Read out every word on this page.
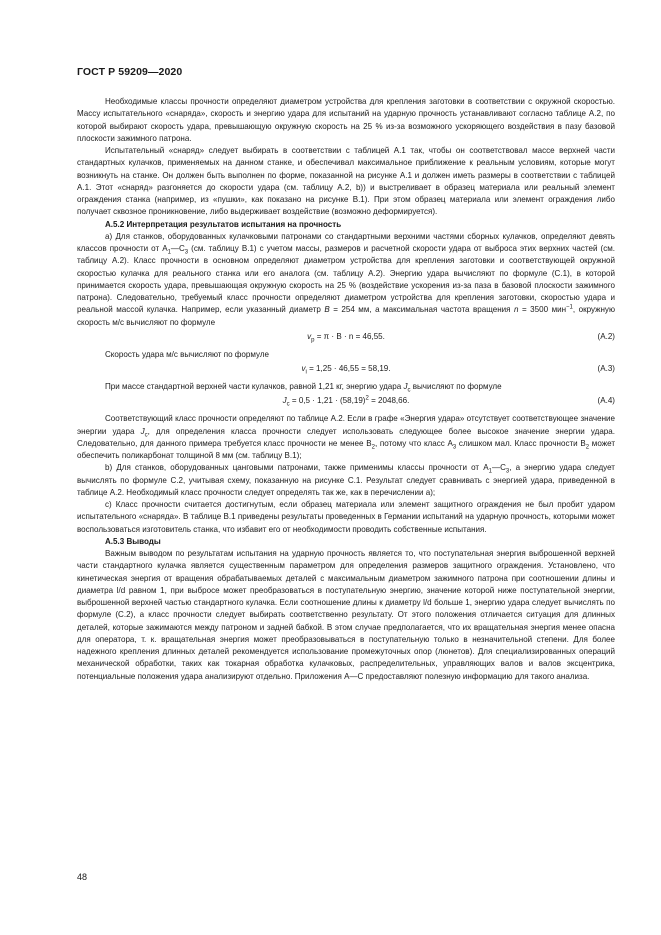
ГОСТ Р 59209—2020

Необходимые классы прочности определяют диаметром устройства для крепления заготовки в соответствии с окружной скоростью. Массу испытательного «снаряда», скорость и энергию удара для испытаний на ударную прочность устанавливают согласно таблице А.2, по которой выбирают скорость удара, превышающую окружную скорость на 25 % из-за возможного ускоряющего воздействия в пазу базовой плоскости зажимного патрона.

Испытательный «снаряд» следует выбирать в соответствии с таблицей А.1 так, чтобы он соответствовал массе верхней части стандартных кулачков, применяемых на данном станке, и обеспечивал максимальное приближение к реальным условиям, которые могут возникнуть на станке. Он должен быть выполнен по форме, показанной на рисунке А.1 и должен иметь размеры в соответствии с таблицей А.1. Этот «снаряд» разгоняется до скорости удара (см. таблицу А.2, b)) и выстреливает в образец материала или реальный элемент ограждения станка (например, из «пушки», как показано на рисунке В.1). При этом образец материала или элемент ограждения либо получает сквозное проникновение, либо выдерживает воздействие (возможно деформируется).

А.5.2 Интерпретация результатов испытания на прочность

а) Для станков, оборудованных кулачковыми патронами со стандартными верхними частями сборных кулачков, определяют девять классов прочности от $А_1—С_3$ (см. таблицу В.1) с учетом массы, размеров и расчетной скорости удара от выброса этих верхних частей (см. таблицу А.2). Класс прочности в основном определяют диаметром устройства для крепления заготовки и соответствующей окружной скоростью кулачка для реального станка или его аналога (см. таблицу А.2). Энергию удара вычисляют по формуле (С.1), в которой принимается скорость удара, превышающая окружную скорость на 25 % (воздействие ускорения из-за паза в базовой плоскости зажимного патрона). Следовательно, требуемый класс прочности определяют диаметром устройства для крепления заготовки, скоростью удара и реальной массой кулачка. Например, если указанный диаметр В = 254 мм, а максимальная частота вращения n = 3500 мин$^{-1}$, окружную скорость м/с вычисляют по формуле

$v_p = \pi \cdot B \cdot n = 46,55$.	(А.2)

Скорость удара м/с вычисляют по формуле

$v_i = 1,25 \cdot 46,55 = 58,19$.	(А.3)

При массе стандартной верхней части кулачков, равной 1,21 кг, энергию удара $J_c$ вычисляют по формуле

$J_c = 0,5 \cdot 1,21 \cdot (58,19)^2 = 2048,66$.	(А.4)

Соответствующий класс прочности определяют по таблице А.2. Если в графе «Энергия удара» отсутствует соответствующее значение энергии удара $J_c$, для определения класса прочности следует использовать следующее более высокое значение энергии удара. Следовательно, для данного примера требуется класс прочности не менее $В_2$, потому что класс $А_3$ слишком мал. Класс прочности $В_2$ может обеспечить поликарбонат толщиной 8 мм (см. таблицу В.1);

b) Для станков, оборудованных цанговыми патронами, также применимы классы прочности от $А_1—С_3$, а энергию удара следует вычислять по формуле С.2, учитывая схему, показанную на рисунке С.1. Результат следует сравнивать с энергией удара, приведенной в таблице А.2. Необходимый класс прочности следует определять так же, как в перечислении а);

с) Класс прочности считается достигнутым, если образец материала или элемент защитного ограждения не был пробит ударом испытательного «снаряда». В таблице В.1 приведены результаты проведенных в Германии испытаний на ударную прочность, которыми может воспользоваться изготовитель станка, что избавит его от необходимости проводить собственные испытания.

А.5.3 Выводы

Важным выводом по результатам испытания на ударную прочность является то, что поступательная энергия выброшенной верхней части стандартного кулачка является существенным параметром для определения размеров защитного ограждения. Установлено, что кинетическая энергия от вращения обрабатываемых деталей с максимальным диаметром зажимного патрона при соотношении длины и диаметра l/d равном 1, при выбросе может преобразоваться в поступательную энергию, значение которой ниже поступательной энергии, выброшенной верхней частью стандартного кулачка. Если соотношение длины к диаметру l/d больше 1, энергию удара следует вычислять по формуле (С.2), а класс прочности следует выбирать соответственно результату. От этого положения отличается ситуация для длинных деталей, которые зажимаются между патроном и задней бабкой. В этом случае предполагается, что их вращательная энергия менее опасна для оператора, т. к. вращательная энергия может преобразовываться в поступательную только в незначительной степени. Для более надежного крепления длинных деталей рекомендуется использование промежуточных опор (люнетов). Для специализированных операций механической обработки, таких как токарная обработка кулачковых, распределительных, управляющих валов и валов эксцентрика, потенциальные положения удара анализируют отдельно. Приложения А—С предоставляют полезную информацию для такого анализа.

48
